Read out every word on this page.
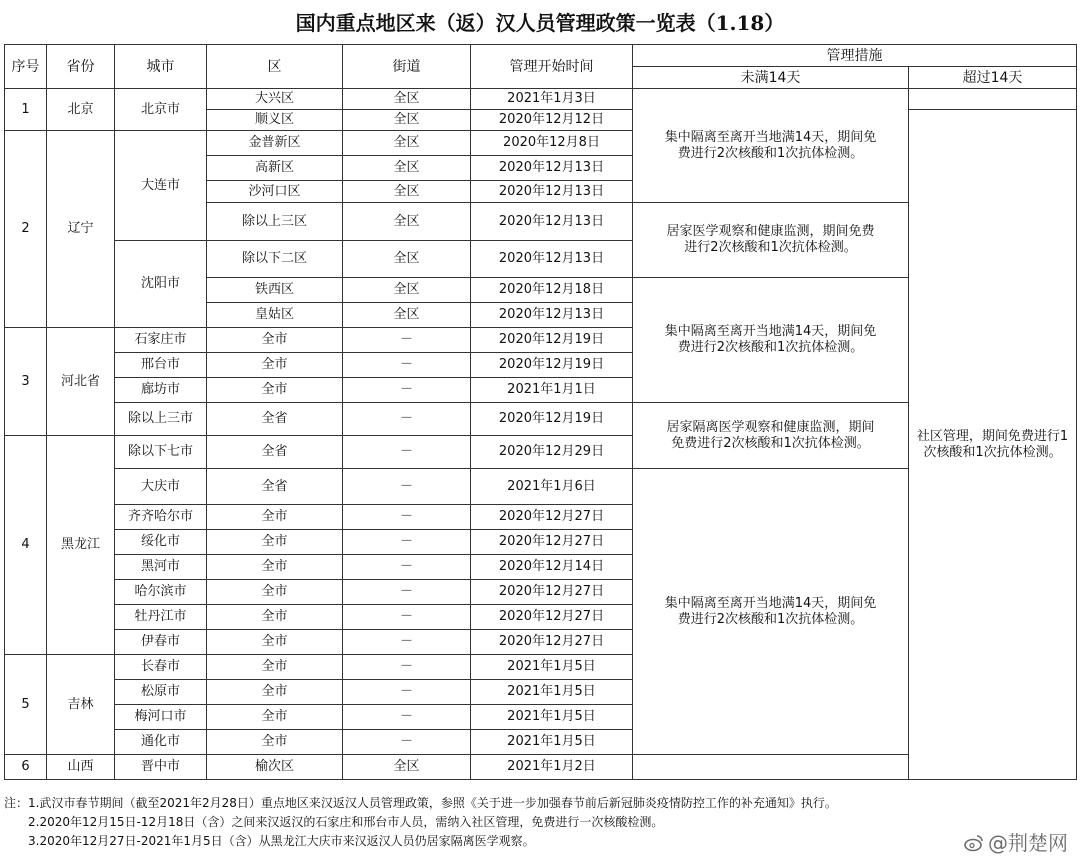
国内重点地区来（返）汉人员管理政策一览表（1.18）
序号	省份	城市	区	街道	管理开始时间	管理措施		
						未满14天	超过14天	
1	北京	北京市	大兴区	全区	2021年1月3日	集中隔离至离开当地满14天，期间免
费进行2次核酸和1次抗体检测。		

			顺义区	全区	2020年12月12日		社区管理，期间免费进行1
次核酸和1次抗体检测。	

2	辽宁	大连市	金普新区	全区	2020年12月8日			
			高新区	全区	2020年12月13日			
			沙河口区	全区	2020年12月13日			
			除以上三区	全区	2020年12月13日	居家医学观察和健康监测，期间免费
进行2次核酸和1次抗体检测。		

		沈阳市	除以下二区	全区	2020年12月13日			
			铁西区	全区	2020年12月18日	集中隔离至离开当地满14天，期间免
费进行2次核酸和1次抗体检测。		

			皇姑区	全区	2020年12月13日			
3	河北省	石家庄市	全市	－	2020年12月19日			
		邢台市	全市	－	2020年12月19日			
		廊坊市	全市	－	2021年1月1日			
		除以上三市	全省	－	2020年12月19日	居家隔离医学观察和健康监测，期间
免费进行2次核酸和1次抗体检测。		

4	黑龙江	除以下七市	全省	－	2020年12月29日			
		大庆市	全省	－	2021年1月6日	集中隔离至离开当地满14天，期间免
费进行2次核酸和1次抗体检测。		

		齐齐哈尔市	全市	－	2020年12月27日			
		绥化市	全市	－	2020年12月27日			
		黑河市	全市	－	2020年12月14日			
		哈尔滨市	全市	－	2020年12月27日			
		牡丹江市	全市	－	2020年12月27日			
		伊春市	全市	－	2020年12月27日			
5	吉林	长春市	全市	－	2021年1月5日			
		松原市	全市	－	2021年1月5日			
		梅河口市	全市	－	2021年1月5日			
		通化市	全市	－	2021年1月5日			
6	山西	晋中市	榆次区	全区	2021年1月2日			
注：1.武汉市春节期间（截至2021年2月28日）重点地区来汉返汉人员管理政策，参照《关于进一步加强春节前后新冠肺炎疫情防控工作的补充通知》执行。
2.2020年12月15日-12月18日（含）之间来汉返汉的石家庄和邢台市人员，需纳入社区管理，免费进行一次核酸检测。
3.2020年12月27日-2021年1月5日（含）从黑龙江大庆市来汉返汉人员仍居家隔离医学观察。	@荆楚网
